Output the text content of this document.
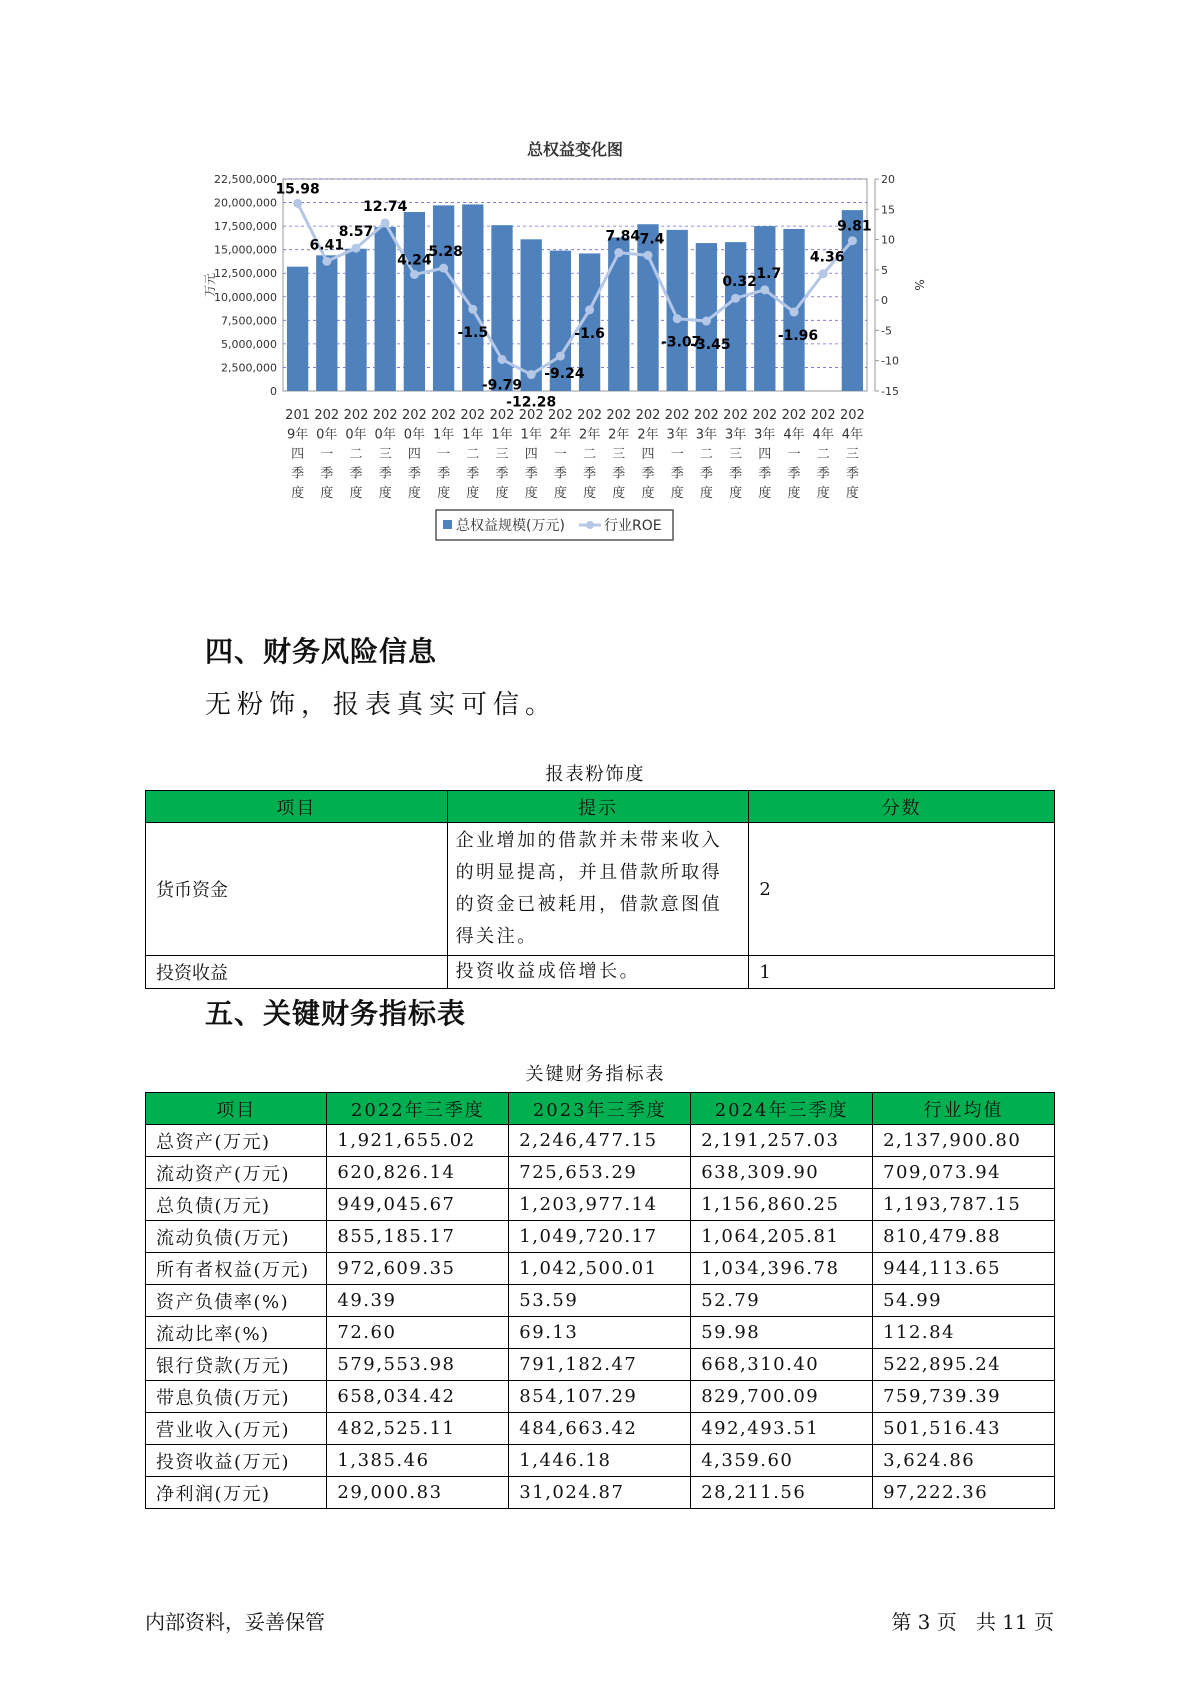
总权益变化图
0
2,500,000
5,000,000
7,500,000
10,000,000
12,500,000
15,000,000
17,500,000
20,000,000
22,500,000
-15
-10
-5
0
5
10
15
20
万元	%
201 9年四季度
202 0年一季度
202 0年二季度
202 0年三季度
202 0年四季度
202 1年一季度
202 1年二季度
202 1年三季度
202 1年四季度
202 2年一季度
202 2年二季度
202 2年三季度
202 2年四季度
202 3年一季度
202 3年二季度
202 3年三季度
202 3年四季度
202 4年一季度
202 4年二季度
202 4年三季度
15.98
6.41
8.57
12.74
4.24
5.28
-1.5
-9.79
-12.28
-9.24
-1.6
7.84 7.4
-3.07
-3.45
0.32
1.7
-1.96
4.36
9.81
总权益规模(万元)	行业ROE
四、财务风险信息
无粉饰，报表真实可信。
报表粉饰度
项目	提示	分数
货币资金	企业增加的借款并未带来收入的明显提高，并且借款所取得的资金已被耗用，借款意图值得关注。	2
投资收益	投资收益成倍增长。	1
五、关键财务指标表
关键财务指标表
项目	2022年三季度	2023年三季度	2024年三季度	行业均值
总资产(万元)	1,921,655.02	2,246,477.15	2,191,257.03	2,137,900.80
流动资产(万元)	620,826.14	725,653.29	638,309.90	709,073.94
总负债(万元)	949,045.67	1,203,977.14	1,156,860.25	1,193,787.15
流动负债(万元)	855,185.17	1,049,720.17	1,064,205.81	810,479.88
所有者权益(万元)	972,609.35	1,042,500.01	1,034,396.78	944,113.65
资产负债率(%)	49.39	53.59	52.79	54.99
流动比率(%)	72.60	69.13	59.98	112.84
银行贷款(万元)	579,553.98	791,182.47	668,310.40	522,895.24
带息负债(万元)	658,034.42	854,107.29	829,700.09	759,739.39
营业收入(万元)	482,525.11	484,663.42	492,493.51	501,516.43
投资收益(万元)	1,385.46	1,446.18	4,359.60	3,624.86
净利润(万元)	29,000.83	31,024.87	28,211.56	97,222.36
内部资料，妥善保管	第 3 页   共 11 页
